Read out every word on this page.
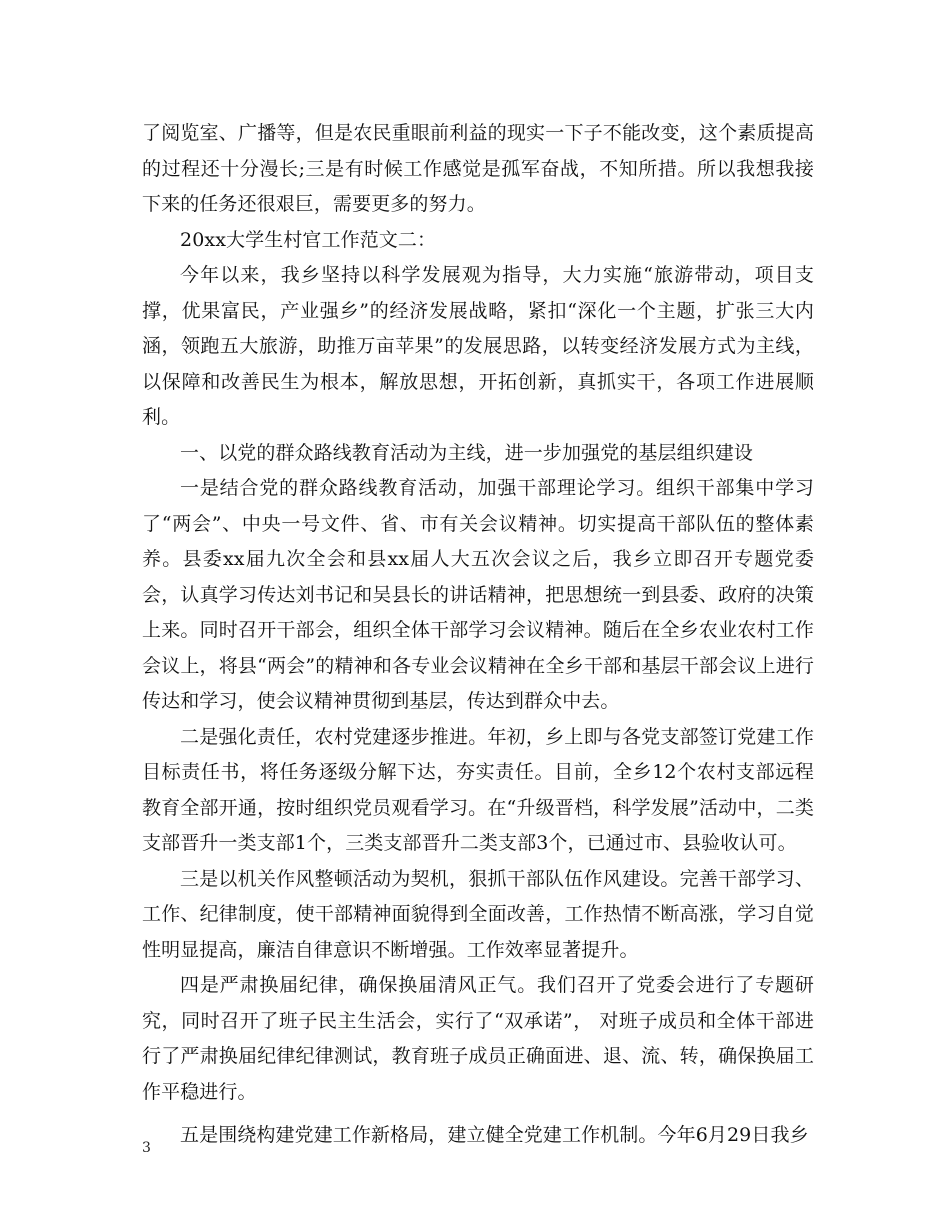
了阅览室、广播等，但是农民重眼前利益的现实一下子不能改变，这个素质提高的过程还十分漫长;三是有时候工作感觉是孤军奋战，不知所措。所以我想我接下来的任务还很艰巨，需要更多的努力。

20xx大学生村官工作范文二：

今年以来，我乡坚持以科学发展观为指导，大力实施“旅游带动，项目支撑，优果富民，产业强乡”的经济发展战略，紧扣“深化一个主题，扩张三大内涵，领跑五大旅游，助推万亩苹果”的发展思路，以转变经济发展方式为主线，以保障和改善民生为根本，解放思想，开拓创新，真抓实干，各项工作进展顺利。

一、以党的群众路线教育活动为主线，进一步加强党的基层组织建设

一是结合党的群众路线教育活动，加强干部理论学习。组织干部集中学习了“两会”、中央一号文件、省、市有关会议精神。切实提高干部队伍的整体素养。县委xx届九次全会和县xx届人大五次会议之后，我乡立即召开专题党委会，认真学习传达刘书记和吴县长的讲话精神，把思想统一到县委、政府的决策上来。同时召开干部会，组织全体干部学习会议精神。随后在全乡农业农村工作会议上，将县“两会”的精神和各专业会议精神在全乡干部和基层干部会议上进行传达和学习，使会议精神贯彻到基层，传达到群众中去。

二是强化责任，农村党建逐步推进。年初，乡上即与各党支部签订党建工作目标责任书，将任务逐级分解下达，夯实责任。目前，全乡12个农村支部远程教育全部开通，按时组织党员观看学习。在“升级晋档，科学发展”活动中，二类支部晋升一类支部1个，三类支部晋升二类支部3个，已通过市、县验收认可。

三是以机关作风整顿活动为契机，狠抓干部队伍作风建设。完善干部学习、工作、纪律制度，使干部精神面貌得到全面改善，工作热情不断高涨，学习自觉性明显提高，廉洁自律意识不断增强。工作效率显著提升。

四是严肃换届纪律，确保换届清风正气。我们召开了党委会进行了专题研究，同时召开了班子民主生活会，实行了“双承诺”， 对班子成员和全体干部进行了严肃换届纪律纪律测试，教育班子成员正确面进、退、流、转，确保换届工作平稳进行。

五是围绕构建党建工作新格局，建立健全党建工作机制。今年6月29日我乡

3
